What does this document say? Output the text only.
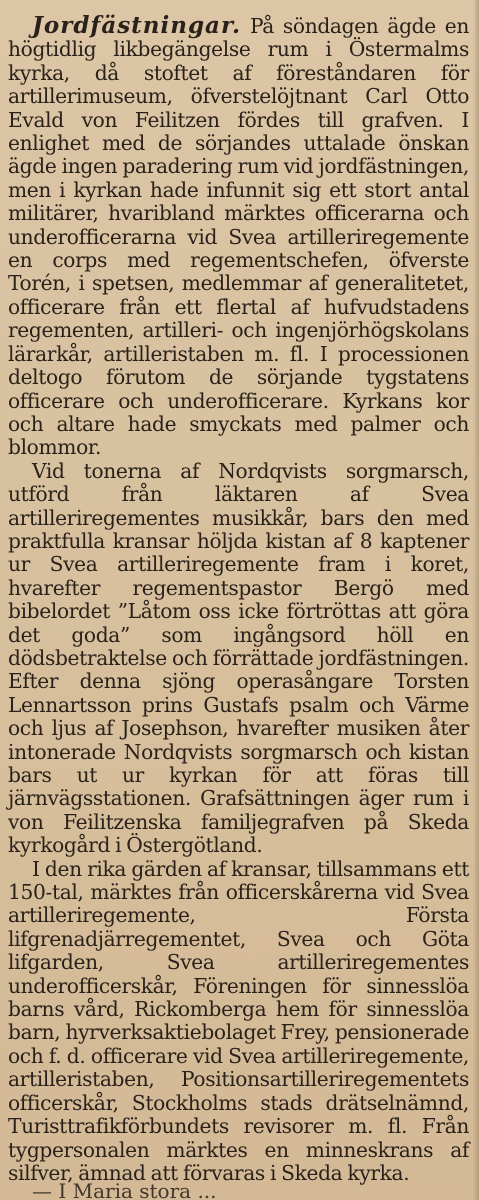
Jordfästningar. På söndagen ägde en högtidlig likbegängelse rum i Östermalms kyrka, då stoftet af föreståndaren för artillerimuseum, öfverstelöjtnant Carl Otto Evald von Feilitzen fördes till grafven. I enlighet med de sörjandes uttalade önskan ägde ingen paradering rum vid jordfästningen, men i kyrkan hade infunnit sig ett stort antal militärer, hvaribland märktes officerarna och underofficerarna vid Svea artilleriregemente en corps med regementschefen, öfverste Torén, i spetsen, medlemmar af generalitetet, officerare från ett flertal af hufvudstadens regementen, artilleri- och ingenjörhögskolans lärarkår, artilleristaben m. fl. I processionen deltogo förutom de sörjande tygstatens officerare och underofficerare. Kyrkans kor och altare hade smyckats med palmer och blommor.

Vid tonerna af Nordqvists sorgmarsch, utförd från läktaren af Svea artilleriregementes musikkår, bars den med praktfulla kransar höljda kistan af 8 kaptener ur Svea artilleriregemente fram i koret, hvarefter regementspastor Bergö med bibelordet ”Låtom oss icke förtröttas att göra det goda” som ingångsord höll en dödsbetraktelse och förrättade jordfästningen. Efter denna sjöng operasångare Torsten Lennartsson prins Gustafs psalm och Värme och ljus af Josephson, hvarefter musiken åter intonerade Nordqvists sorgmarsch och kistan bars ut ur kyrkan för att föras till järnvägsstationen. Grafsättningen äger rum i von Feilitzenska familjegrafven på Skeda kyrkogård i Östergötland.

I den rika gärden af kransar, tillsammans ett 150-tal, märktes från officerskårerna vid Svea artilleriregemente, Första lifgrenadjärregementet, Svea och Göta lifgarden, Svea artilleriregementes underofficerskår, Föreningen för sinnesslöa barns vård, Rickomberga hem för sinnesslöa barn, hyrverksaktiebolaget Frey, pensionerade och f. d. officerare vid Svea artilleriregemente, artilleristaben, Positionsartilleriregementets officerskår, Stockholms stads drätselnämnd, Turisttrafikförbundets revisorer m. fl. Från tygpersonalen märktes en minneskrans af silfver, ämnad att förvaras i Skeda kyrka.

— I Maria stora ...
